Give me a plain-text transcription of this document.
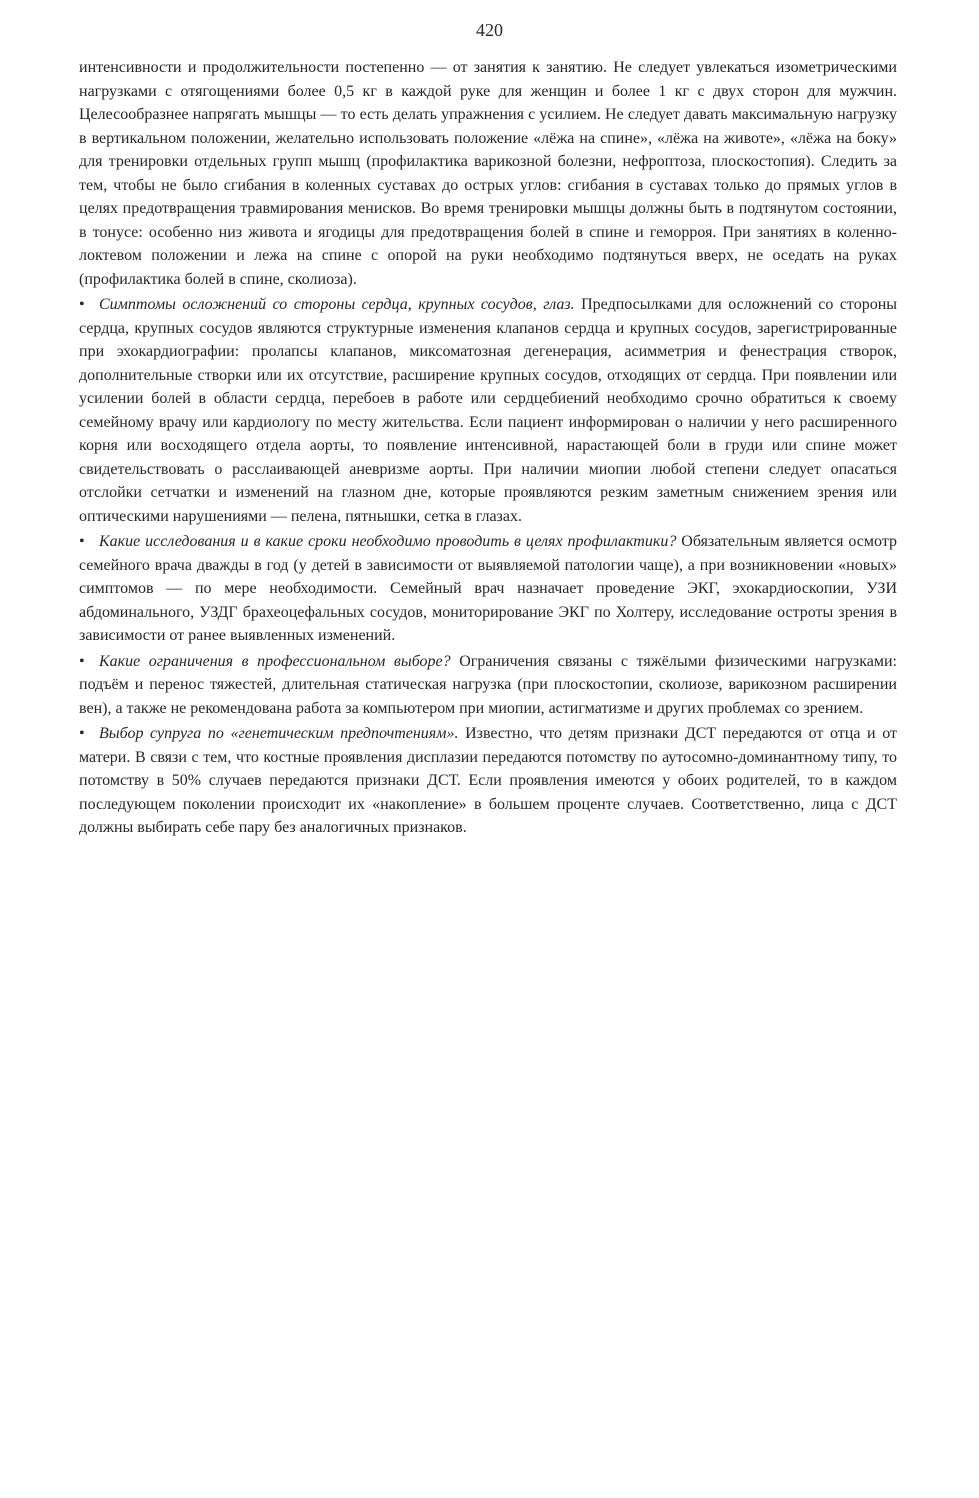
420

интенсивности и продолжительности постепенно — от занятия к занятию. Не следует увлекаться изометрическими нагрузками с отягощениями более 0,5 кг в каждой руке для женщин и более 1 кг с двух сторон для мужчин. Целесообразнее напрягать мышцы — то есть делать упражнения с усилием. Не следует давать максимальную нагрузку в вертикальном положении, желательно использовать положение «лёжа на спине», «лёжа на животе», «лёжа на боку» для тренировки отдельных групп мышц (профилактика варикозной болезни, нефроптоза, плоскостопия). Следить за тем, чтобы не было сгибания в коленных суставах до острых углов: сгибания в суставах только до прямых углов в целях предотвращения травмирования менисков. Во время тренировки мышцы должны быть в подтянутом состоянии, в тонусе: особенно низ живота и ягодицы для предотвращения болей в спине и геморроя. При занятиях в коленно-локтевом положении и лежа на спине с опорой на руки необходимо подтянуться вверх, не оседать на руках (профилактика болей в спине, сколиоза).

• Симптомы осложнений со стороны сердца, крупных сосудов, глаз. Предпосылками для осложнений со стороны сердца, крупных сосудов являются структурные изменения клапанов сердца и крупных сосудов, зарегистрированные при эхокардиографии: пролапсы клапанов, миксоматозная дегенерация, асимметрия и фенестрация створок, дополнительные створки или их отсутствие, расширение крупных сосудов, отходящих от сердца. При появлении или усилении болей в области сердца, перебоев в работе или сердцебиений необходимо срочно обратиться к своему семейному врачу или кардиологу по месту жительства. Если пациент информирован о наличии у него расширенного корня или восходящего отдела аорты, то появление интенсивной, нарастающей боли в груди или спине может свидетельствовать о расслаивающей аневризме аорты. При наличии миопии любой степени следует опасаться отслойки сетчатки и изменений на глазном дне, которые проявляются резким заметным снижением зрения или оптическими нарушениями — пелена, пятнышки, сетка в глазах.

• Какие исследования и в какие сроки необходимо проводить в целях профилактики? Обязательным является осмотр семейного врача дважды в год (у детей в зависимости от выявляемой патологии чаще), а при возникновении «новых» симптомов — по мере необходимости. Семейный врач назначает проведение ЭКГ, эхокардиоскопии, УЗИ абдоминального, УЗДГ брахеоцефальных сосудов, мониторирование ЭКГ по Холтеру, исследование остроты зрения в зависимости от ранее выявленных изменений.

• Какие ограничения в профессиональном выборе? Ограничения связаны с тяжёлыми физическими нагрузками: подъём и перенос тяжестей, длительная статическая нагрузка (при плоскостопии, сколиозе, варикозном расширении вен), а также не рекомендована работа за компьютером при миопии, астигматизме и других проблемах со зрением.

• Выбор супруга по «генетическим предпочтениям». Известно, что детям признаки ДСТ передаются от отца и от матери. В связи с тем, что костные проявления дисплазии передаются потомству по аутосомно-доминантному типу, то потомству в 50% случаев передаются признаки ДСТ. Если проявления имеются у обоих родителей, то в каждом последующем поколении происходит их «накопление» в большем проценте случаев. Соответственно, лица с ДСТ должны выбирать себе пару без аналогичных признаков.
